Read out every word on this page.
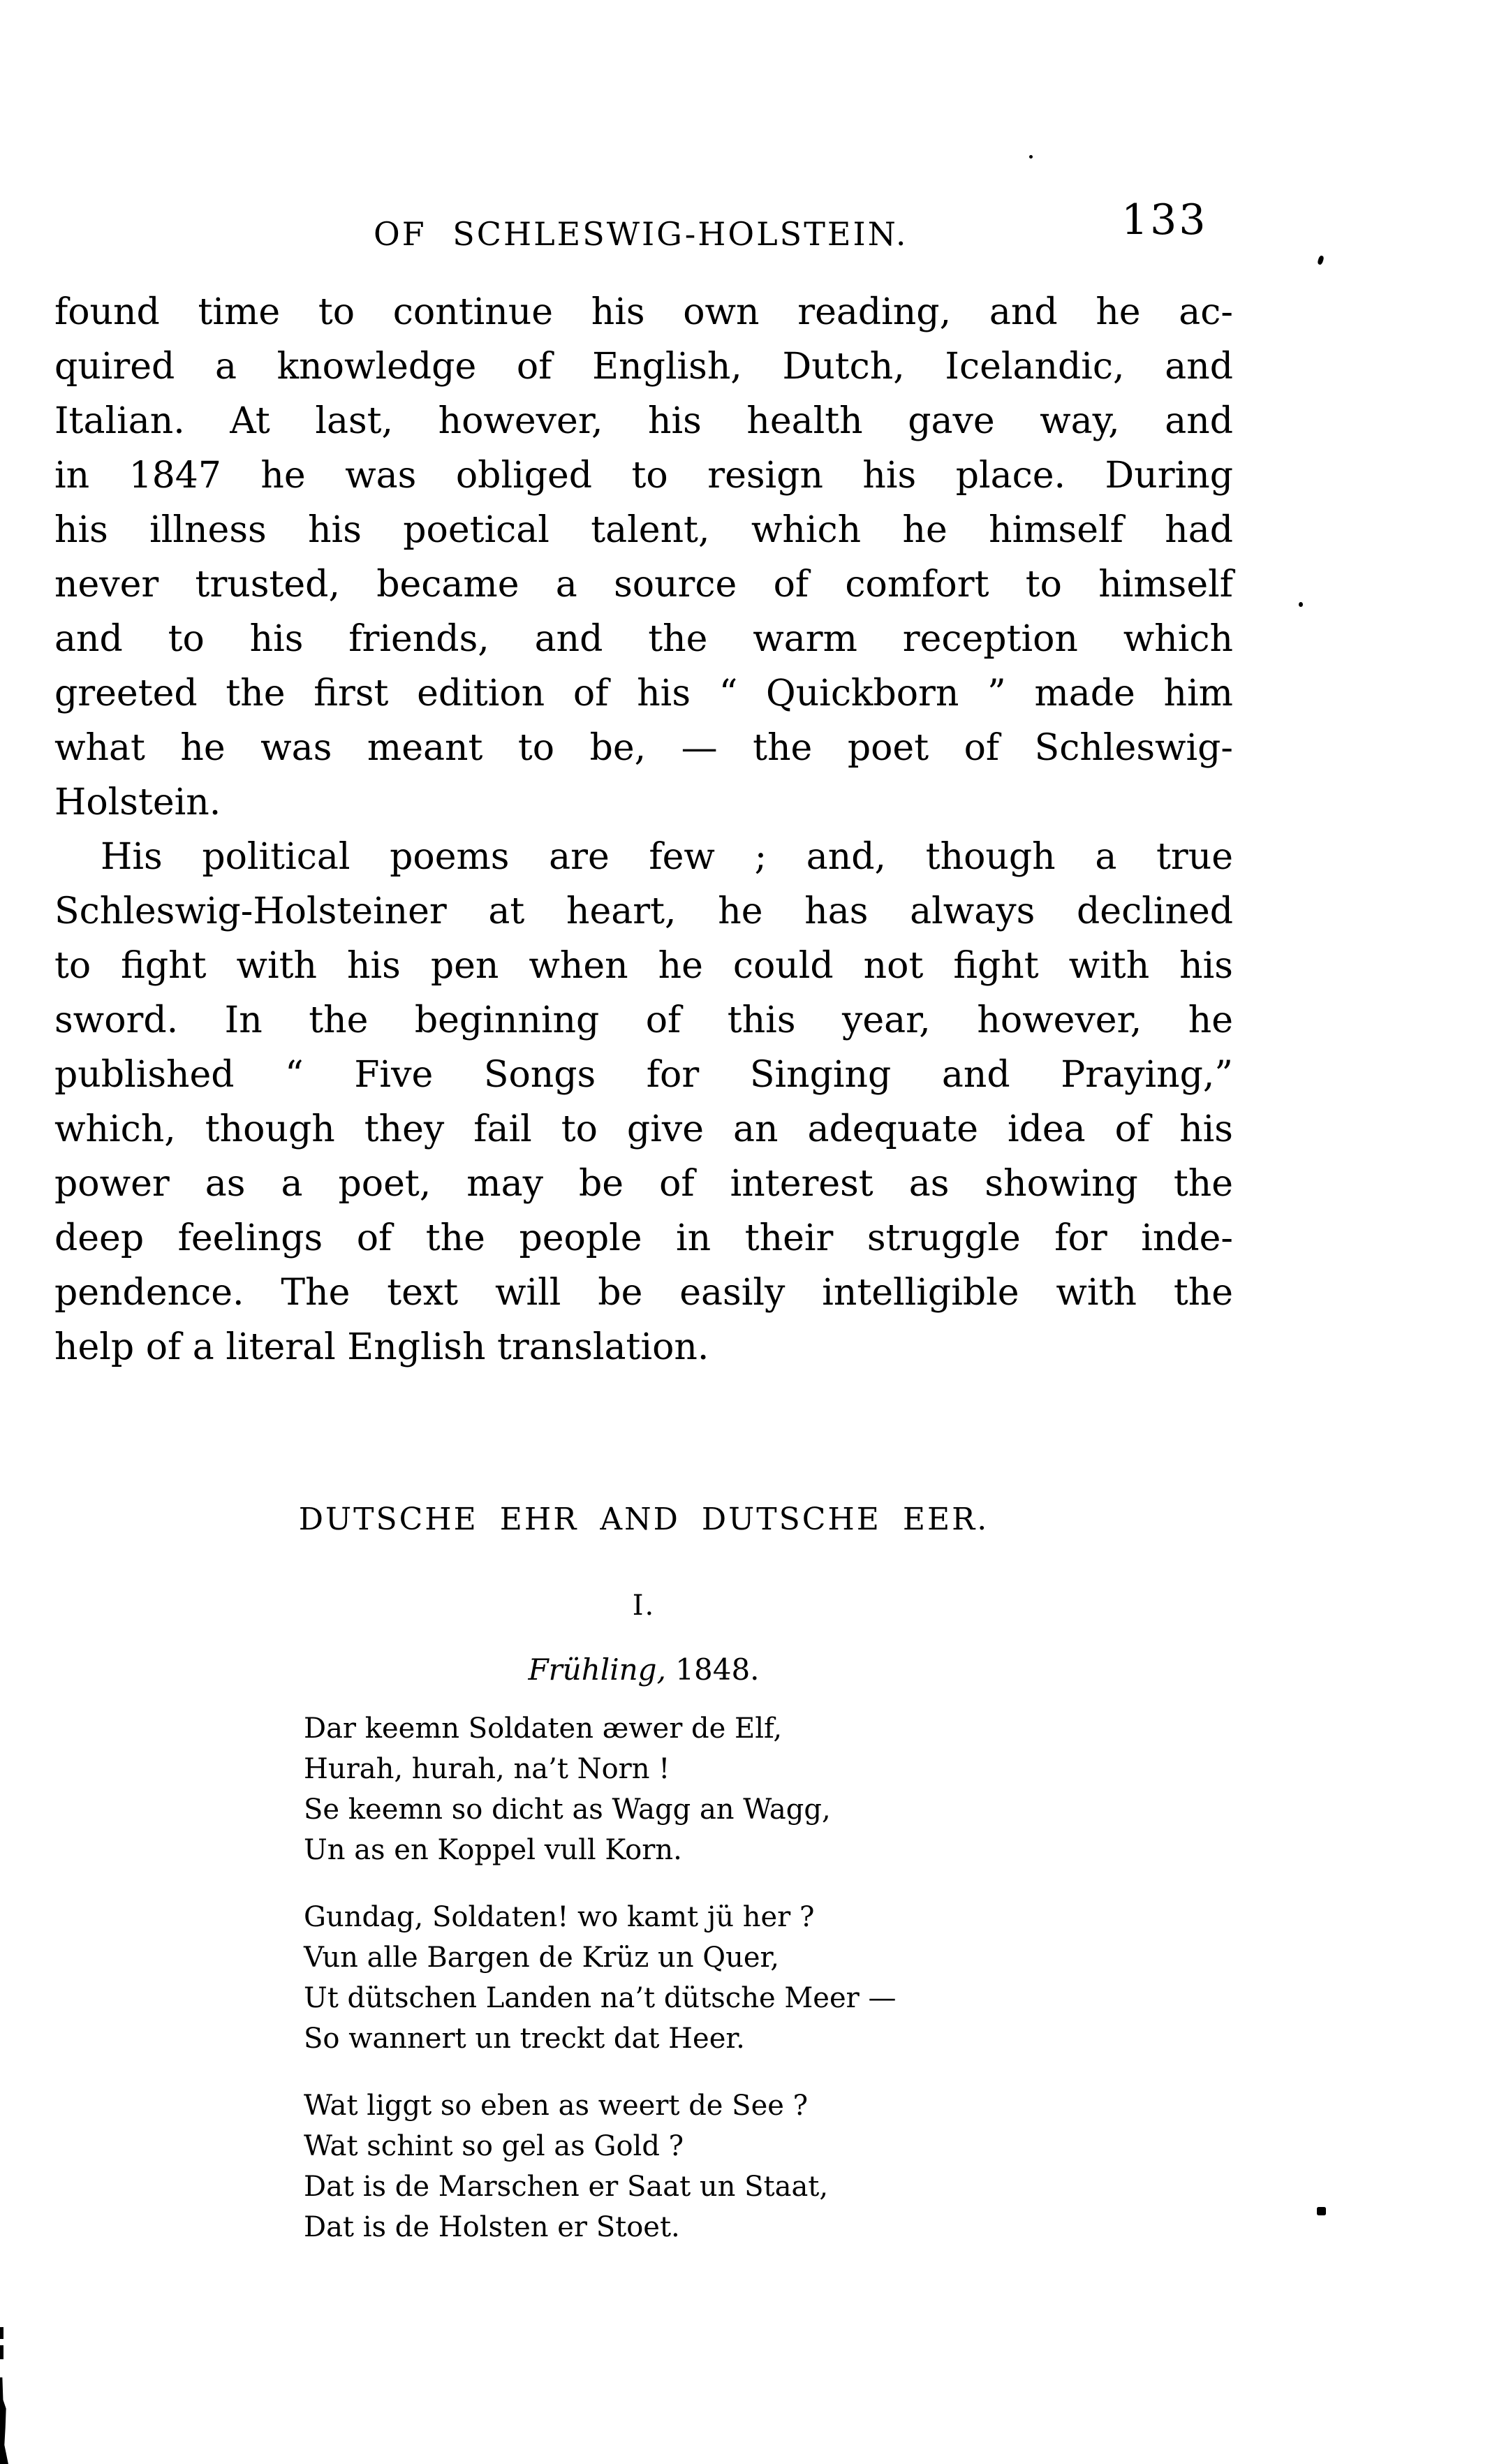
OF SCHLESWIG-HOLSTEIN.	133
found time to continue his own reading, and he ac-
quired a knowledge of English, Dutch, Icelandic, and
Italian. At last, however, his health gave way, and
in 1847 he was obliged to resign his place. During
his illness his poetical talent, which he himself had
never trusted, became a source of comfort to himself
and to his friends, and the warm reception which
greeted the first edition of his “ Quickborn ” made him
what he was meant to be, — the poet of Schleswig-
Holstein.
His political poems are few ; and, though a true
Schleswig-Holsteiner at heart, he has always declined
to fight with his pen when he could not fight with his
sword. In the beginning of this year, however, he
published “ Five Songs for Singing and Praying,”
which, though they fail to give an adequate idea of his
power as a poet, may be of interest as showing the
deep feelings of the people in their struggle for inde-
pendence. The text will be easily intelligible with the
help of a literal English translation.
DUTSCHE EHR AND DUTSCHE EER.
I.
Frühling, 1848.
Dar keemn Soldaten æwer de Elf,
Hurah, hurah, na’t Norn !
Se keemn so dicht as Wagg an Wagg,
Un as en Koppel vull Korn.
Gundag, Soldaten! wo kamt jü her ?
Vun alle Bargen de Krüz un Quer,
Ut dütschen Landen na’t dütsche Meer —
So wannert un treckt dat Heer.
Wat liggt so eben as weert de See ?
Wat schint so gel as Gold ?
Dat is de Marschen er Saat un Staat,
Dat is de Holsten er Stoet.
